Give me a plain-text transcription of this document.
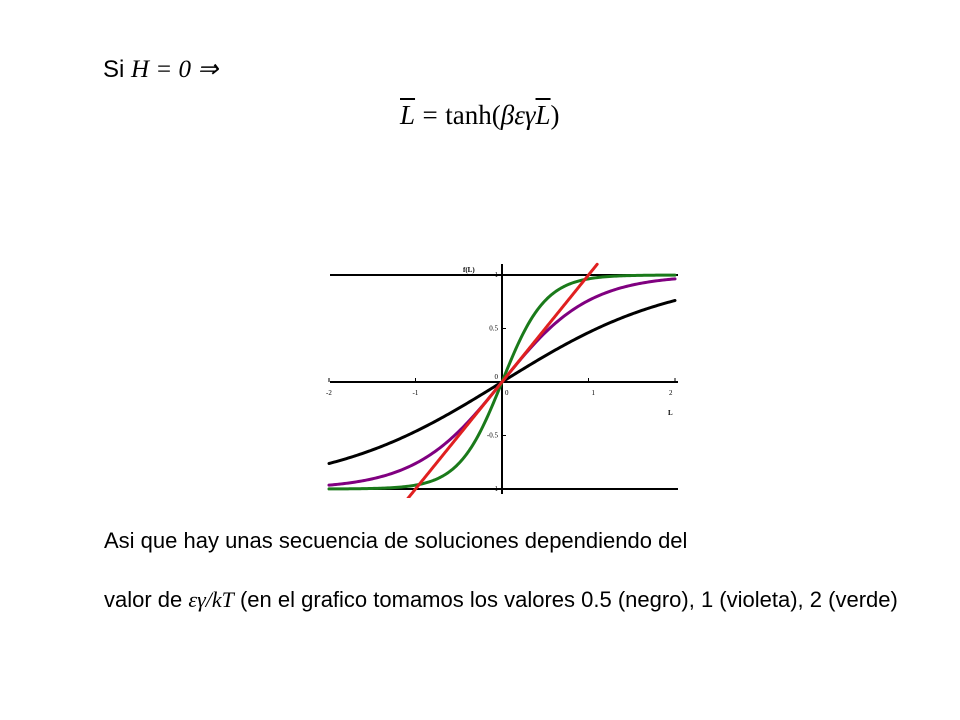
Si H = 0 ⇒
$\overline{L} = \tanh(\beta\varepsilon\gamma\overline{L})$
-2	-1	0	1	2
-1
-0.5
0
0.5
1
f(L)
L
Asi que hay unas secuencia de soluciones dependiendo del
valor de εγ/kT (en el grafico tomamos los valores 0.5 (negro), 1 (violeta), 2 (verde)
